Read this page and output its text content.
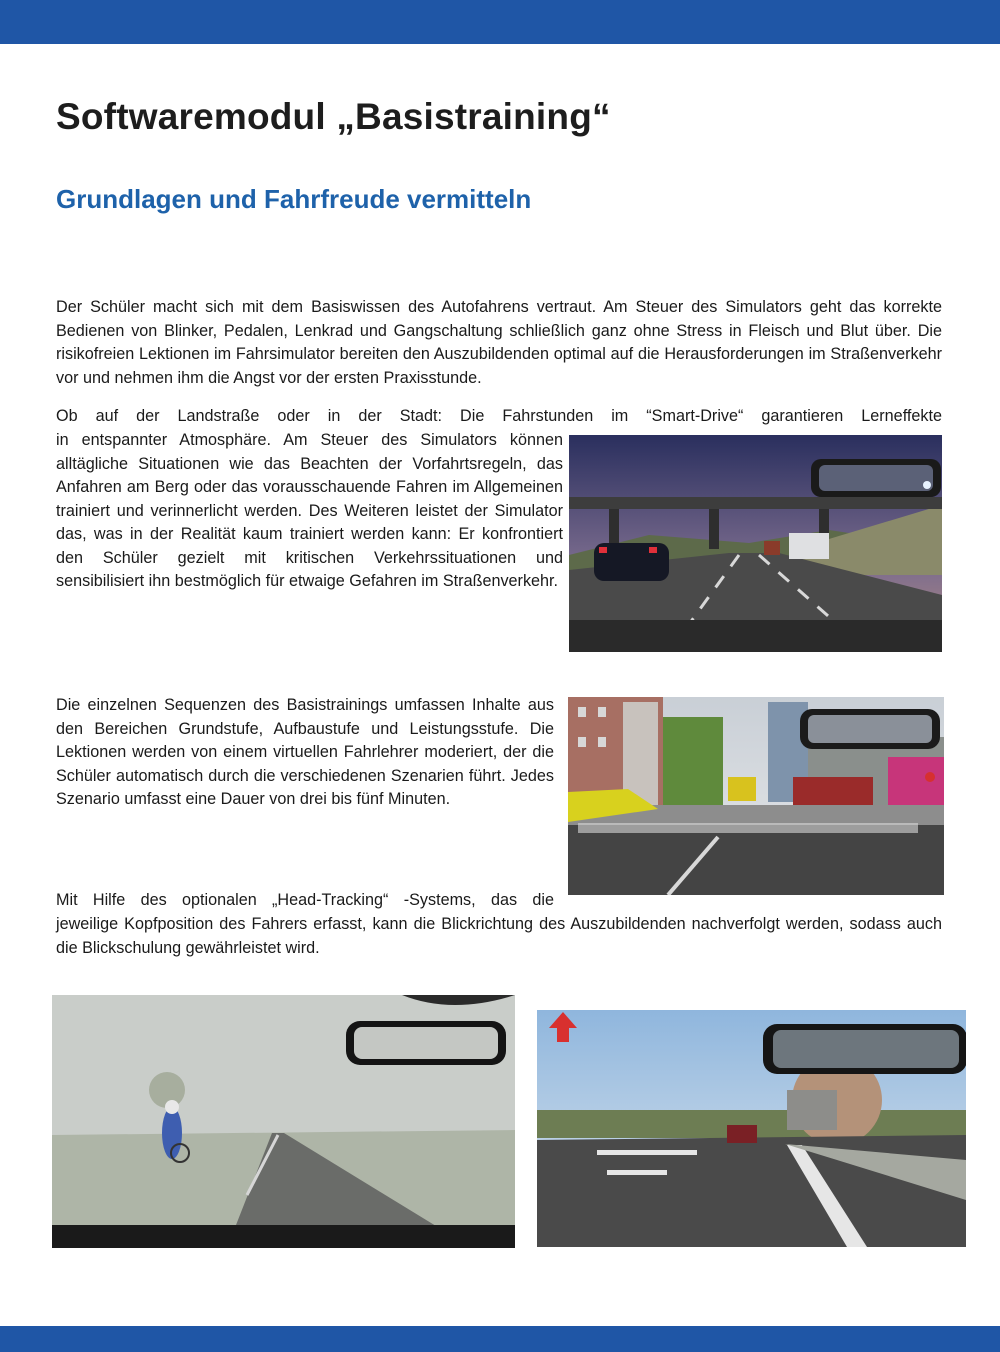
Softwaremodul „Basistraining“
Grundlagen und Fahrfreude vermitteln

Der Schüler macht sich mit dem Basiswissen des Autofahrens vertraut. Am Steuer des Simulators geht das korrekte Bedienen von Blinker, Pedalen, Lenkrad und Gangschaltung schließlich ganz ohne Stress in Fleisch und Blut über. Die risikofreien Lektionen im Fahrsimulator bereiten den Auszubildenden optimal auf die Herausforderungen im Straßenverkehr vor und nehmen ihm die Angst vor der ersten Praxisstunde.

Ob auf der Landstraße oder in der Stadt: Die Fahrstunden im “Smart-Drive“ garantieren Lerneffekte

in entspannter Atmosphäre. Am Steuer des Simulators können alltägliche Situationen wie das Beachten der Vorfahrtsregeln, das Anfahren am Berg oder das vorausschauende Fahren im Allgemeinen trainiert und verinnerlicht werden. Des Weiteren leistet der Simulator das, was in der Realität kaum trainiert werden kann: Er konfrontiert den Schüler gezielt mit kritischen Verkehrssituationen und sensibilisiert ihn bestmöglich für etwaige Gefahren im Straßenverkehr.

Die einzelnen Sequenzen des Basistrainings umfassen Inhalte aus den Bereichen Grundstufe, Aufbaustufe und Leistungsstufe. Die Lektionen werden von einem virtuellen Fahrlehrer moderiert, der die Schüler automatisch durch die verschiedenen Szenarien führt. Jedes Szenario umfasst eine Dauer von drei bis fünf Minuten.

Mit Hilfe des optionalen „Head-Tracking“ -Systems, das die

jeweilige Kopfposition des Fahrers erfasst, kann die Blickrichtung des Auszubildenden nachverfolgt werden, sodass auch die Blickschulung gewährleistet wird.
